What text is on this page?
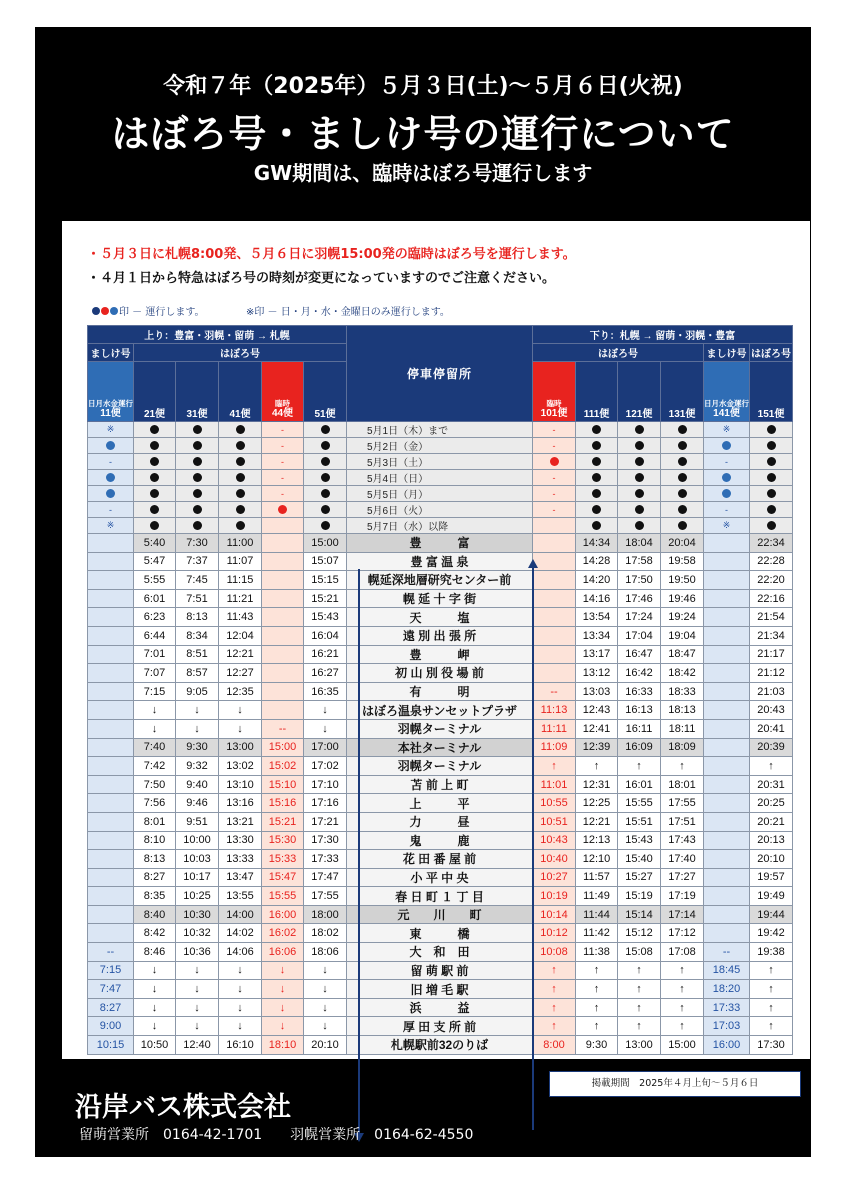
令和７年（2025年）５月３日(土)～５月６日(火祝)
はぼろ号・ましけ号の運行について
GW期間は、臨時はぼろ号運行します
・５月３日に札幌8:00発、５月６日に羽幌15:00発の臨時はぼろ号を運行します。
・４月１日から特急はぼろ号の時刻が変更になっていますのでご注意ください。
印 － 運行します。	※印 － 日・月・水・金曜日のみ運行します。
上り：豊富・羽幌・留萌 → 札幌						停車停留所	下り：札幌 → 留萌・羽幌・豊富					
ましけ号	はぼろ号						はぼろ号				ましけ号	はぼろ号
日月水金運行
11便	21便	31便	41便	臨時
44便	51便		臨時
101便	111便	121便	131便	日月水金運行
141便	151便
※				-		5月1日（木）まで	-				※	
				-		5月2日（金）	-					
-				-		5月3日（土）					-	
				-		5月4日（日）	-					
				-		5月5日（月）	-					
-						5月6日（火）	-				-	
※						5月7日（水）以降					※	
	5:40	7:30	11:00		15:00	豊　　　富		14:34	18:04	20:04		22:34
	5:47	7:37	11:07		15:07	豊 富 温 泉		14:28	17:58	19:58		22:28
	5:55	7:45	11:15		15:15	幌延深地層研究センター前		14:20	17:50	19:50		22:20
	6:01	7:51	11:21		15:21	幌 延 十 字 街		14:16	17:46	19:46		22:16
	6:23	8:13	11:43		15:43	天　　　塩		13:54	17:24	19:24		21:54
	6:44	8:34	12:04		16:04	遠 別 出 張 所		13:34	17:04	19:04		21:34
	7:01	8:51	12:21		16:21	豊　　　岬		13:17	16:47	18:47		21:17
	7:07	8:57	12:27		16:27	初 山 別 役 場 前		13:12	16:42	18:42		21:12
	7:15	9:05	12:35		16:35	有　　　明	--	13:03	16:33	18:33		21:03
	↓	↓	↓		↓	はぼろ温泉サンセットプラザ	11:13	12:43	16:13	18:13		20:43
	↓	↓	↓	--	↓	羽幌ターミナル	11:11	12:41	16:11	18:11		20:41
	7:40	9:30	13:00	15:00	17:00	本社ターミナル	11:09	12:39	16:09	18:09		20:39
	7:42	9:32	13:02	15:02	17:02	羽幌ターミナル	↑	↑	↑	↑		↑
	7:50	9:40	13:10	15:10	17:10	苫 前 上 町	11:01	12:31	16:01	18:01		20:31
	7:56	9:46	13:16	15:16	17:16	上　　　平	10:55	12:25	15:55	17:55		20:25
	8:01	9:51	13:21	15:21	17:21	力　　　昼	10:51	12:21	15:51	17:51		20:21
	8:10	10:00	13:30	15:30	17:30	鬼　　　鹿	10:43	12:13	15:43	17:43		20:13
	8:13	10:03	13:33	15:33	17:33	花 田 番 屋 前	10:40	12:10	15:40	17:40		20:10
	8:27	10:17	13:47	15:47	17:47	小 平 中 央	10:27	11:57	15:27	17:27		19:57
	8:35	10:25	13:55	15:55	17:55	春 日 町 １ 丁 目	10:19	11:49	15:19	17:19		19:49
	8:40	10:30	14:00	16:00	18:00	元　　川　　町	10:14	11:44	15:14	17:14		19:44
	8:42	10:32	14:02	16:02	18:02	東　　　橋	10:12	11:42	15:12	17:12		19:42
--	8:46	10:36	14:06	16:06	18:06	大　和　田	10:08	11:38	15:08	17:08	--	19:38
7:15	↓	↓	↓	↓	↓	留 萌 駅 前	↑	↑	↑	↑	18:45	↑
7:47	↓	↓	↓	↓	↓	旧 増 毛 駅	↑	↑	↑	↑	18:20	↑
8:27	↓	↓	↓	↓	↓	浜　　　益	↑	↑	↑	↑	17:33	↑
9:00	↓	↓	↓	↓	↓	厚 田 支 所 前	↑	↑	↑	↑	17:03	↑
10:15	10:50	12:40	16:10	18:10	20:10	札幌駅前32のりば	8:00	9:30	13:00	15:00	16:00	17:30
沿岸バス株式会社
留萌営業所　0164-42-1701　　羽幌営業所　0164-62-4550
掲載期間　2025年４月上旬～５月６日
